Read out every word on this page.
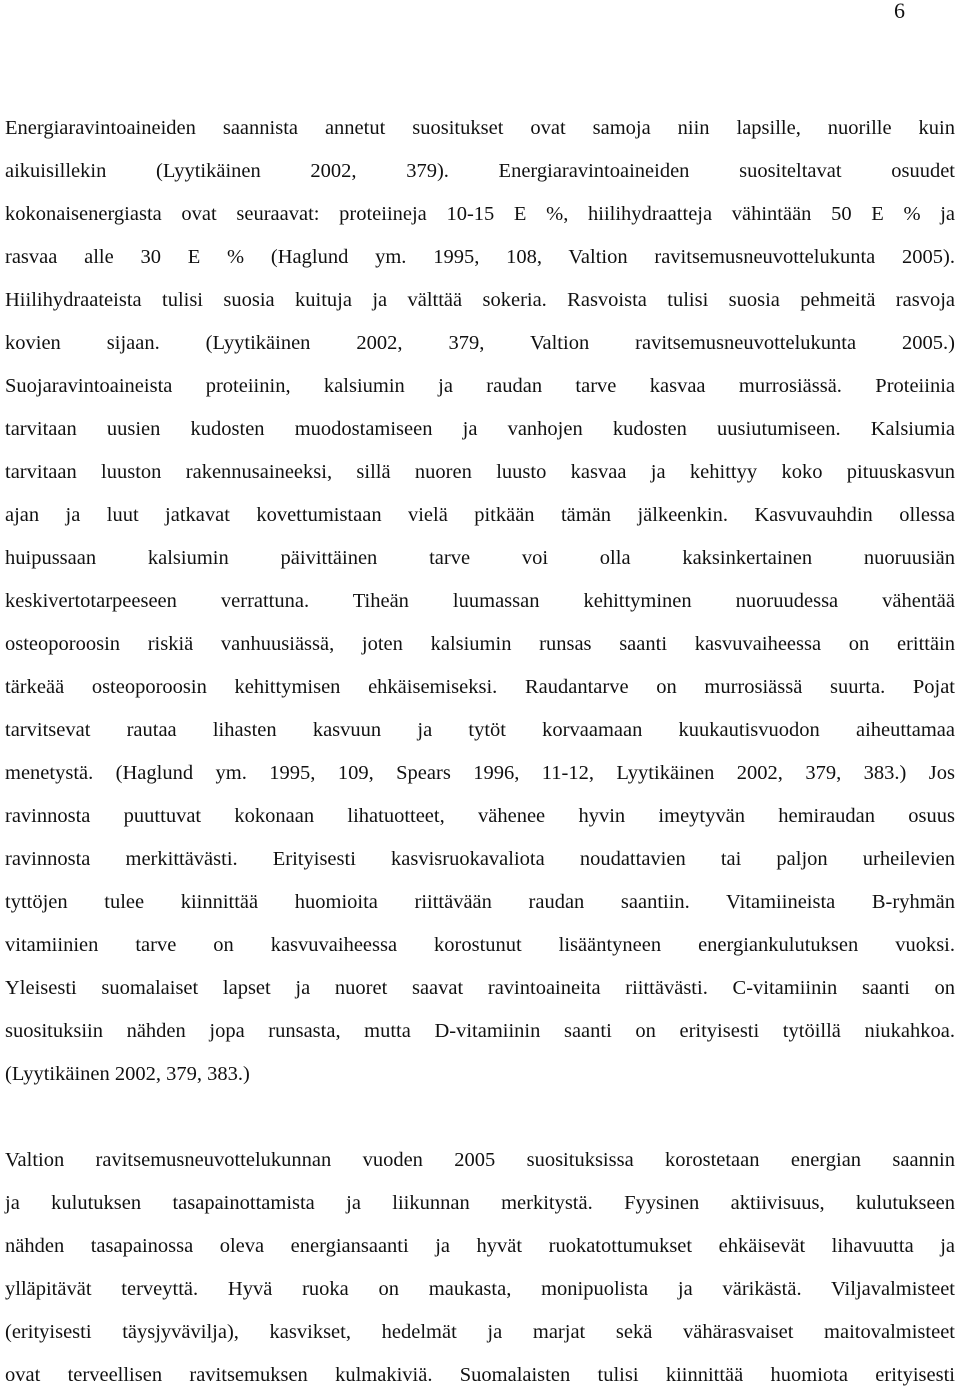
6
Energiaravintoaineiden saannista annetut suositukset ovat samoja niin lapsille, nuorille kuin
aikuisillekin (Lyytikäinen 2002, 379). Energiaravintoaineiden suositeltavat osuudet
kokonaisenergiasta ovat seuraavat: proteiineja 10-15 E %, hiilihydraatteja vähintään 50 E % ja
rasvaa alle 30 E % (Haglund ym. 1995, 108, Valtion ravitsemusneuvottelukunta 2005).
Hiilihydraateista tulisi suosia kuituja ja välttää sokeria. Rasvoista tulisi suosia pehmeitä rasvoja
kovien sijaan. (Lyytikäinen 2002, 379, Valtion ravitsemusneuvottelukunta 2005.)
Suojaravintoaineista proteiinin, kalsiumin ja raudan tarve kasvaa murrosiässä. Proteiinia
tarvitaan uusien kudosten muodostamiseen ja vanhojen kudosten uusiutumiseen. Kalsiumia
tarvitaan luuston rakennusaineeksi, sillä nuoren luusto kasvaa ja kehittyy koko pituuskasvun
ajan ja luut jatkavat kovettumistaan vielä pitkään tämän jälkeenkin. Kasvuvauhdin ollessa
huipussaan kalsiumin päivittäinen tarve voi olla kaksinkertainen nuoruusiän
keskivertotarpeeseen verrattuna. Tiheän luumassan kehittyminen nuoruudessa vähentää
osteoporoosin riskiä vanhuusiässä, joten kalsiumin runsas saanti kasvuvaiheessa on erittäin
tärkeää osteoporoosin kehittymisen ehkäisemiseksi. Raudantarve on murrosiässä suurta. Pojat
tarvitsevat rautaa lihasten kasvuun ja tytöt korvaamaan kuukautisvuodon aiheuttamaa
menetystä. (Haglund ym. 1995, 109, Spears 1996, 11-12, Lyytikäinen 2002, 379, 383.) Jos
ravinnosta puuttuvat kokonaan lihatuotteet, vähenee hyvin imeytyvän hemiraudan osuus
ravinnosta merkittävästi. Erityisesti kasvisruokavaliota noudattavien tai paljon urheilevien
tyttöjen tulee kiinnittää huomioita riittävään raudan saantiin. Vitamiineista B-ryhmän
vitamiinien tarve on kasvuvaiheessa korostunut lisääntyneen energiankulutuksen vuoksi.
Yleisesti suomalaiset lapset ja nuoret saavat ravintoaineita riittävästi. C-vitamiinin saanti on
suosituksiin nähden jopa runsasta, mutta D-vitamiinin saanti on erityisesti tytöillä niukahkoa.
(Lyytikäinen 2002, 379, 383.)
Valtion ravitsemusneuvottelukunnan vuoden 2005 suosituksissa korostetaan energian saannin
ja kulutuksen tasapainottamista ja liikunnan merkitystä. Fyysinen aktiivisuus, kulutukseen
nähden tasapainossa oleva energiansaanti ja hyvät ruokatottumukset ehkäisevät lihavuutta ja
ylläpitävät terveyttä. Hyvä ruoka on maukasta, monipuolista ja värikästä. Viljavalmisteet
(erityisesti täysjyvävilja), kasvikset, hedelmät ja marjat sekä vähärasvaiset maitovalmisteet
ovat terveellisen ravitsemuksen kulmakiviä. Suomalaisten tulisi kiinnittää huomiota erityisesti
